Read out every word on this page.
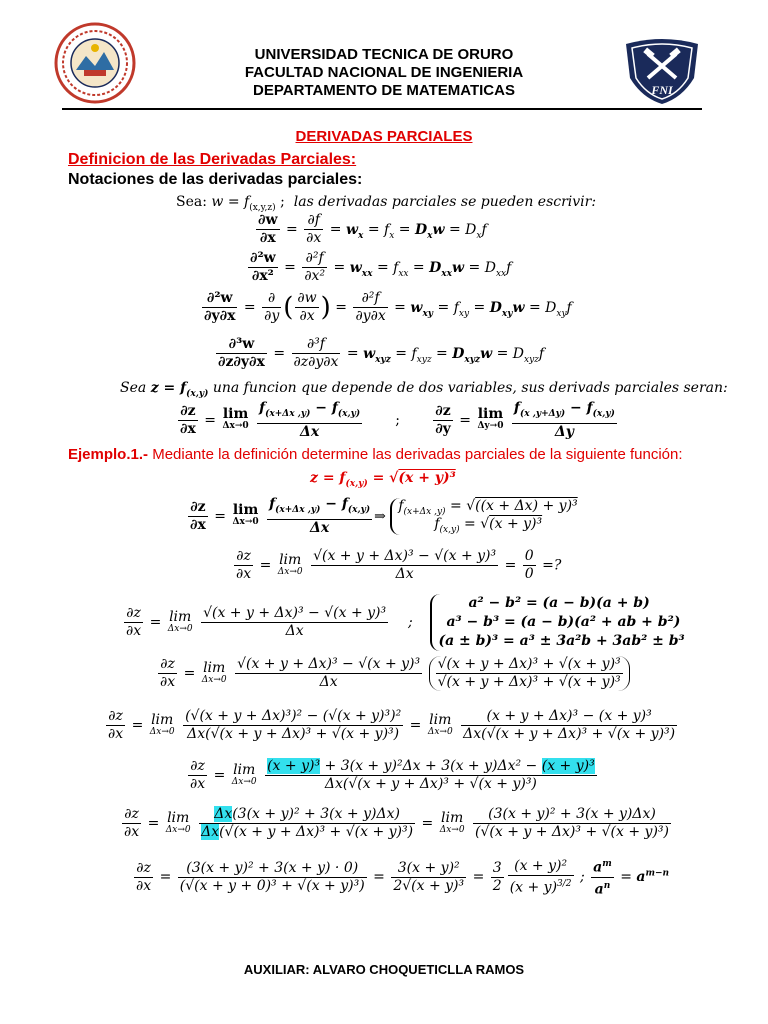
UNIVERSIDAD TECNICA DE ORURO
FACULTAD NACIONAL DE INGENIERIA
DEPARTAMENTO DE MATEMATICAS	FNI
DERIVADAS PARCIALES
Definicion de las Derivadas Parciales:
Notaciones de las derivadas parciales:
Sea: $w = f_{(x,y,z)}$ ;  las derivadas parciales se pueden escrivir:
$\frac{\partial w}{\partial x} = \frac{\partial f}{\partial x} = w_x = f_x = D_xw = D_xf$
$\frac{\text{∂²w}}{\text{∂x²}} = \frac{\text{∂²f}}{\text{∂x²}} = w_{xx} = f_{xx} = D_{xx}w = D_{xx}f$
$\frac{\text{∂²w}}{\partial y\partial x} = \frac{\partial}{\partial y}$ ( $\frac{\partial w}{\partial x}$ ) = $\frac{\text{∂²f}}{\partial y\partial x} = w_{xy} = f_{xy} = D_{xy}w = D_{xy}f$
$\frac{\text{∂³w}}{\partial z\partial y\partial x} = \frac{\text{∂³f}}{\partial z\partial y\partial x} = w_{xyz} = f_{xyz} = D_{xyz}w = D_{xyz}f$
Sea $z = f_{(x,y)}$ una funcion que depende de dos variables, sus derivads parciales seran:
$\frac{\partial z}{\partial x} = \lim$
Δx→0
$\frac{f_{(x+\Delta x ,y)} - f_{(x,y)}}{\Delta x}$ ; $\frac{\partial z}{\partial y} = \lim$
Δy→0
$\frac{f_{(x ,y+\Delta y)} - f_{(x,y)}}{\Delta y}$
Ejemplo.1.- Mediante la definición determine las derivadas parciales de la siguiente función:
$z = f_{(x,y)} = √(x + y)^3$
$\frac{\partial z}{\partial x} = \lim$
Δx→0
$\frac{f_{(x+\Delta x ,y)} - f_{(x,y)}}{\Delta x}$ ⇒
$f_{(x+\Delta x ,y)} = √((x + \Delta x) + y)^3$
$f_{(x,y)} = √(x + y)^3$
$\frac{\partial z}{\partial x} = \lim$
Δx→0
$\frac{\text{√(x + y + Δx)³ − √(x + y)³}}{\Delta x} = \frac{0}{0}$ =?
$\frac{\partial z}{\partial x} = \lim$
Δx→0
$\frac{\text{√(x + y + Δx)³ − √(x + y)³}}{\Delta x}$ ;
a² − b² = (a − b)(a + b)
a³ − b³ = (a − b)(a² + ab + b²)
(a ± b)³ = a³ ± 3a²b + 3ab² ± b³
$\frac{\partial z}{\partial x} = \lim$
Δx→0
$\frac{\text{√(x + y + Δx)³ − √(x + y)³}}{\Delta x}$
$\frac{\text{√(x + y + Δx)³ + √(x + y)³}}{\text{√(x + y + Δx)³ + √(x + y)³}}$
$\frac{\partial z}{\partial x} = \lim$
Δx→0
$\frac{\text{(√(x + y + Δx)³)² − (√(x + y)³)²}}{\text{Δx(√(x + y + Δx)³ + √(x + y)³)}} = \lim$
Δx→0
$\frac{\text{(x + y + Δx)³ − (x + y)³}}{\text{Δx(√(x + y + Δx)³ + √(x + y)³)}}$
$\frac{\partial z}{\partial x} = \lim$
Δx→0
$\frac{\text{(x + y)³ + 3(x + y)²Δx + 3(x + y)Δx² − (x + y)³}}{\text{Δx(√(x + y + Δx)³ + √(x + y)³)}}$
$\frac{\partial z}{\partial x} = \lim$
Δx→0
$\frac{\text{Δx(3(x + y)² + 3(x + y)Δx)}}{\text{Δx(√(x + y + Δx)³ + √(x + y)³)}} = \lim$
Δx→0
$\frac{\text{(3(x + y)² + 3(x + y)Δx)}}{\text{(√(x + y + Δx)³ + √(x + y)³)}}$
$\frac{\partial z}{\partial x} = \frac{\text{(3(x + y)² + 3(x + y) · 0)}}{\text{(√(x + y + 0)³ + √(x + y)³)}} = \frac{\text{3(x + y)²}}{\text{2√(x + y)³}} = \frac{3}{2} \frac{\text{(x + y)²}}{(x + y)^{3/2}}$ ; $\frac{a^m}{a^n} = a^{m-n}$
AUXILIAR: ALVARO CHOQUETICLLA RAMOS
